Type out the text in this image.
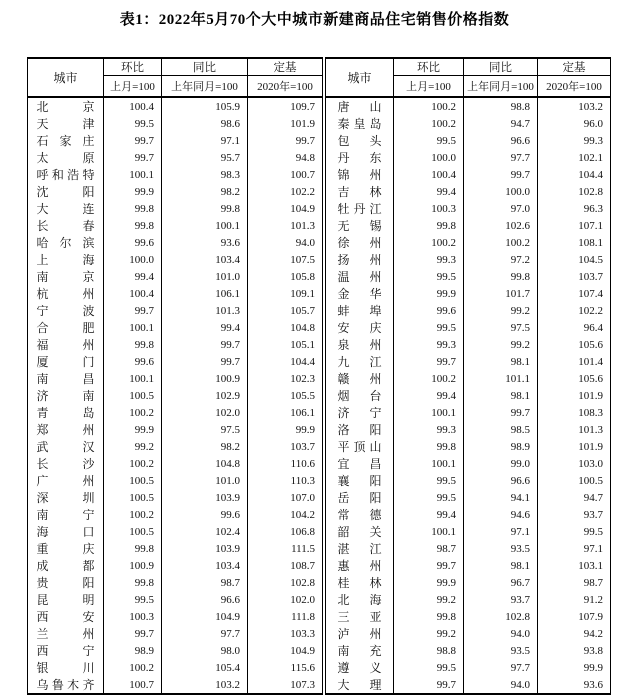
表1：2022年5月70个大中城市新建商品住宅销售价格指数
城市	环比	同比	定基
	上月=100	上年同月=100	2020年=100
北京	100.4	105.9	109.7
天津	99.5	98.6	101.9
石家庄	99.7	97.1	99.7
太原	99.7	95.7	94.8
呼和浩特	100.1	98.3	100.7
沈阳	99.9	98.2	102.2
大连	99.8	99.8	104.9
长春	99.8	100.1	101.3
哈尔滨	99.6	93.6	94.0
上海	100.0	103.4	107.5
南京	99.4	101.0	105.8
杭州	100.4	106.1	109.1
宁波	99.7	101.3	105.7
合肥	100.1	99.4	104.8
福州	99.8	99.7	105.1
厦门	99.6	99.7	104.4
南昌	100.1	100.9	102.3
济南	100.5	102.9	105.5
青岛	100.2	102.0	106.1
郑州	99.9	97.5	99.9
武汉	99.2	98.2	103.7
长沙	100.2	104.8	110.6
广州	100.5	101.0	110.3
深圳	100.5	103.9	107.0
南宁	100.2	99.6	104.2
海口	100.5	102.4	106.8
重庆	99.8	103.9	111.5
成都	100.9	103.4	108.7
贵阳	99.8	98.7	102.8
昆明	99.5	96.6	102.0
西安	100.3	104.9	111.8
兰州	99.7	97.7	103.3
西宁	98.9	98.0	104.9
银川	100.2	105.4	115.6
乌鲁木齐	100.7	103.2	107.3
城市	环比	同比	定基
	上月=100	上年同月=100	2020年=100
唐山	100.2	98.8	103.2
秦皇岛	100.2	94.7	96.0
包头	99.5	96.6	99.3
丹东	100.0	97.7	102.1
锦州	100.4	99.7	104.4
吉林	99.4	100.0	102.8
牡丹江	100.3	97.0	96.3
无锡	99.8	102.6	107.1
徐州	100.2	100.2	108.1
扬州	99.3	97.2	104.5
温州	99.5	99.8	103.7
金华	99.9	101.7	107.4
蚌埠	99.6	99.2	102.2
安庆	99.5	97.5	96.4
泉州	99.3	99.2	105.6
九江	99.7	98.1	101.4
赣州	100.2	101.1	105.6
烟台	99.4	98.1	101.9
济宁	100.1	99.7	108.3
洛阳	99.3	98.5	101.3
平顶山	99.8	98.9	101.9
宜昌	100.1	99.0	103.0
襄阳	99.5	96.6	100.5
岳阳	99.5	94.1	94.7
常德	99.4	94.6	93.7
韶关	100.1	97.1	99.5
湛江	98.7	93.5	97.1
惠州	99.7	98.1	103.1
桂林	99.9	96.7	98.7
北海	99.2	93.7	91.2
三亚	99.8	102.8	107.9
泸州	99.2	94.0	94.2
南充	98.8	93.5	93.8
遵义	99.5	97.7	99.9
大理	99.7	94.0	93.6
